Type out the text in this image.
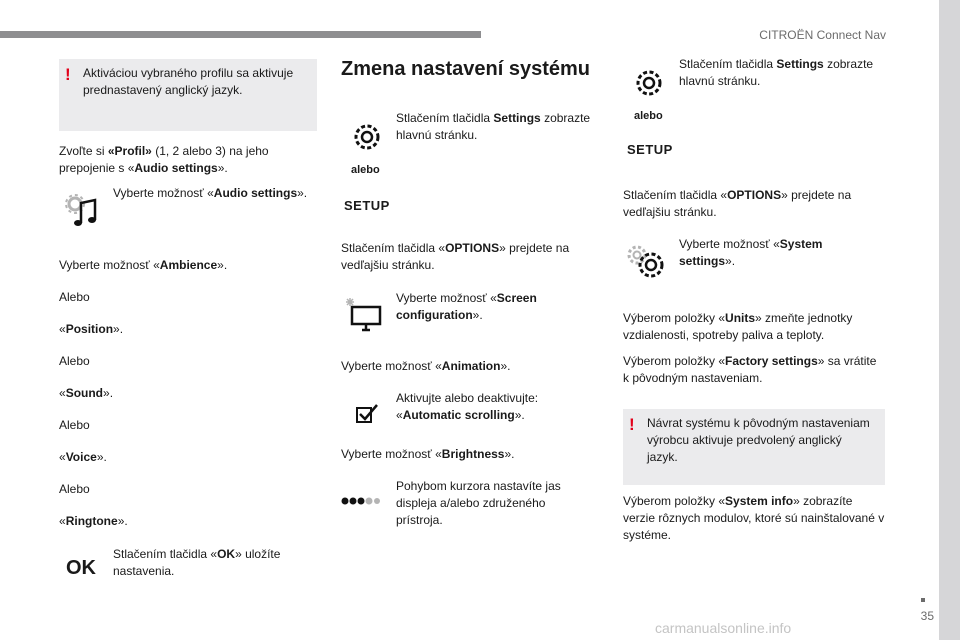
CITROËN Connect Nav
35
carmanualsonline.info
! Aktiváciou vybraného profilu sa aktivuje prednastavený anglický jazyk.

Zvoľte si «Profil» (1, 2 alebo 3) na jeho prepojenie s «Audio settings».

Vyberte možnosť «Audio settings».

Vyberte možnosť «Ambience».

Alebo

«Position».

Alebo

«Sound».

Alebo

«Voice».

Alebo

«Ringtone».

OK

Stlačením tlačidla «OK» uložíte nastavenia.

Zmena nastavení systému

Stlačením tlačidla Settings zobrazte hlavnú stránku.

alebo
SETUP

Stlačením tlačidla «OPTIONS» prejdete na vedľajšiu stránku.

Vyberte možnosť «Screen configuration».

Vyberte možnosť «Animation».

Aktivujte alebo deaktivujte: «Automatic scrolling».

Vyberte možnosť «Brightness».

Pohybom kurzora nastavíte jas displeja a/alebo združeného prístroja.

Stlačením tlačidla Settings zobrazte hlavnú stránku.

alebo
SETUP

Stlačením tlačidla «OPTIONS» prejdete na vedľajšiu stránku.

Vyberte možnosť «System settings».

Výberom položky «Units» zmeňte jednotky vzdialenosti, spotreby paliva a teploty.

Výberom položky «Factory settings» sa vrátite k pôvodným nastaveniam.

! Návrat systému k pôvodným nastaveniam výrobcu aktivuje predvolený anglický jazyk.

Výberom položky «System info» zobrazíte verzie rôznych modulov, ktoré sú nainštalované v systéme.
